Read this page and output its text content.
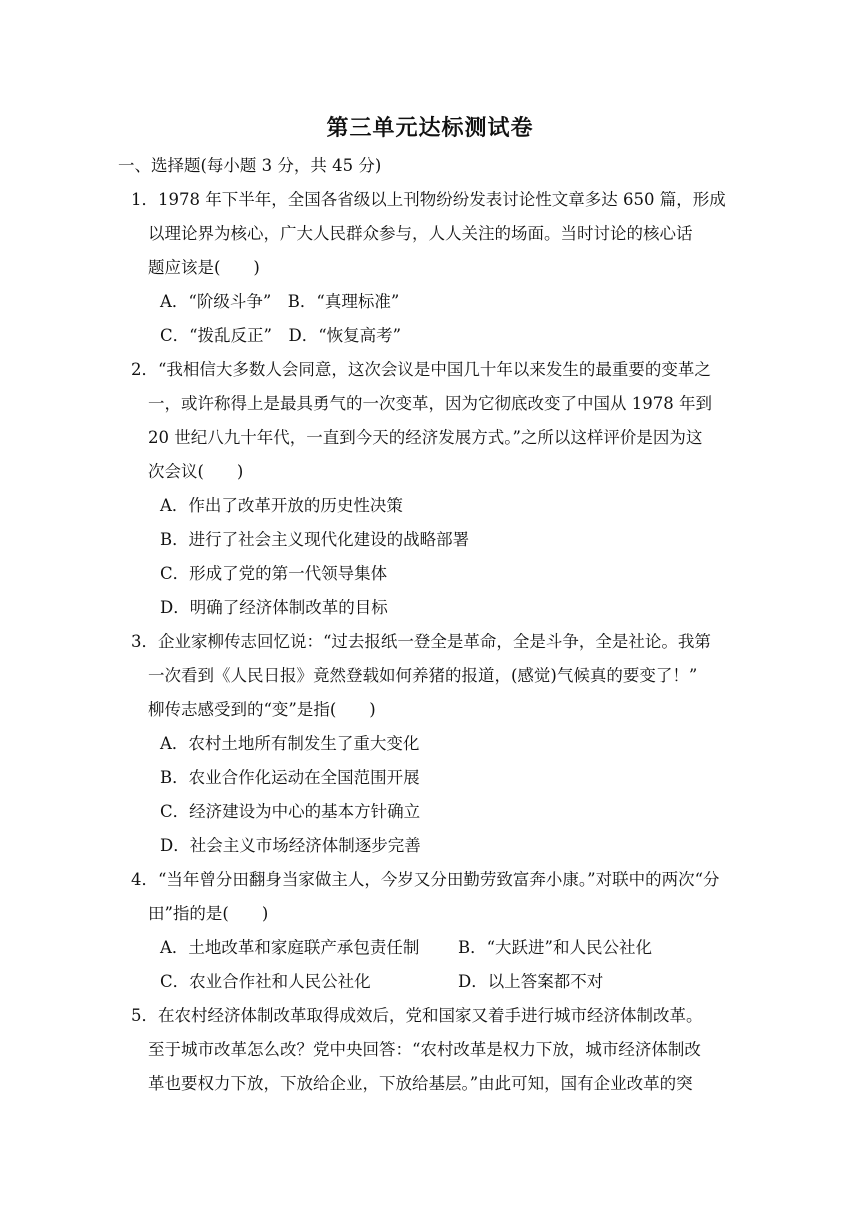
第三单元达标测试卷
一、选择题(每小题 3 分，共 45 分)
1．1978 年下半年，全国各省级以上刊物纷纷发表讨论性文章多达 650 篇，形成
以理论界为核心，广大人民群众参与，人人关注的场面。当时讨论的核心话
题应该是(　　)
A．“阶级斗争”　B．“真理标准”
C．“拨乱反正”　D．“恢复高考”
2．“我相信大多数人会同意，这次会议是中国几十年以来发生的最重要的变革之
一，或许称得上是最具勇气的一次变革，因为它彻底改变了中国从 1978 年到
20 世纪八九十年代，一直到今天的经济发展方式。”之所以这样评价是因为这
次会议(　　)
A．作出了改革开放的历史性决策
B．进行了社会主义现代化建设的战略部署
C．形成了党的第一代领导集体
D．明确了经济体制改革的目标
3．企业家柳传志回忆说：“过去报纸一登全是革命，全是斗争，全是社论。我第
一次看到《人民日报》竟然登载如何养猪的报道，(感觉)气候真的要变了！”
柳传志感受到的“变”是指(　　)
A．农村土地所有制发生了重大变化
B．农业合作化运动在全国范围开展
C．经济建设为中心的基本方针确立
D．社会主义市场经济体制逐步完善
4．“当年曾分田翻身当家做主人，今岁又分田勤劳致富奔小康。”对联中的两次“分
田”指的是(　　)
A．土地改革和家庭联产承包责任制 B．“大跃进”和人民公社化
C．农业合作社和人民公社化	D．以上答案都不对
5．在农村经济体制改革取得成效后，党和国家又着手进行城市经济体制改革。
至于城市改革怎么改？党中央回答：“农村改革是权力下放，城市经济体制改
革也要权力下放，下放给企业，下放给基层。”由此可知，国有企业改革的突
